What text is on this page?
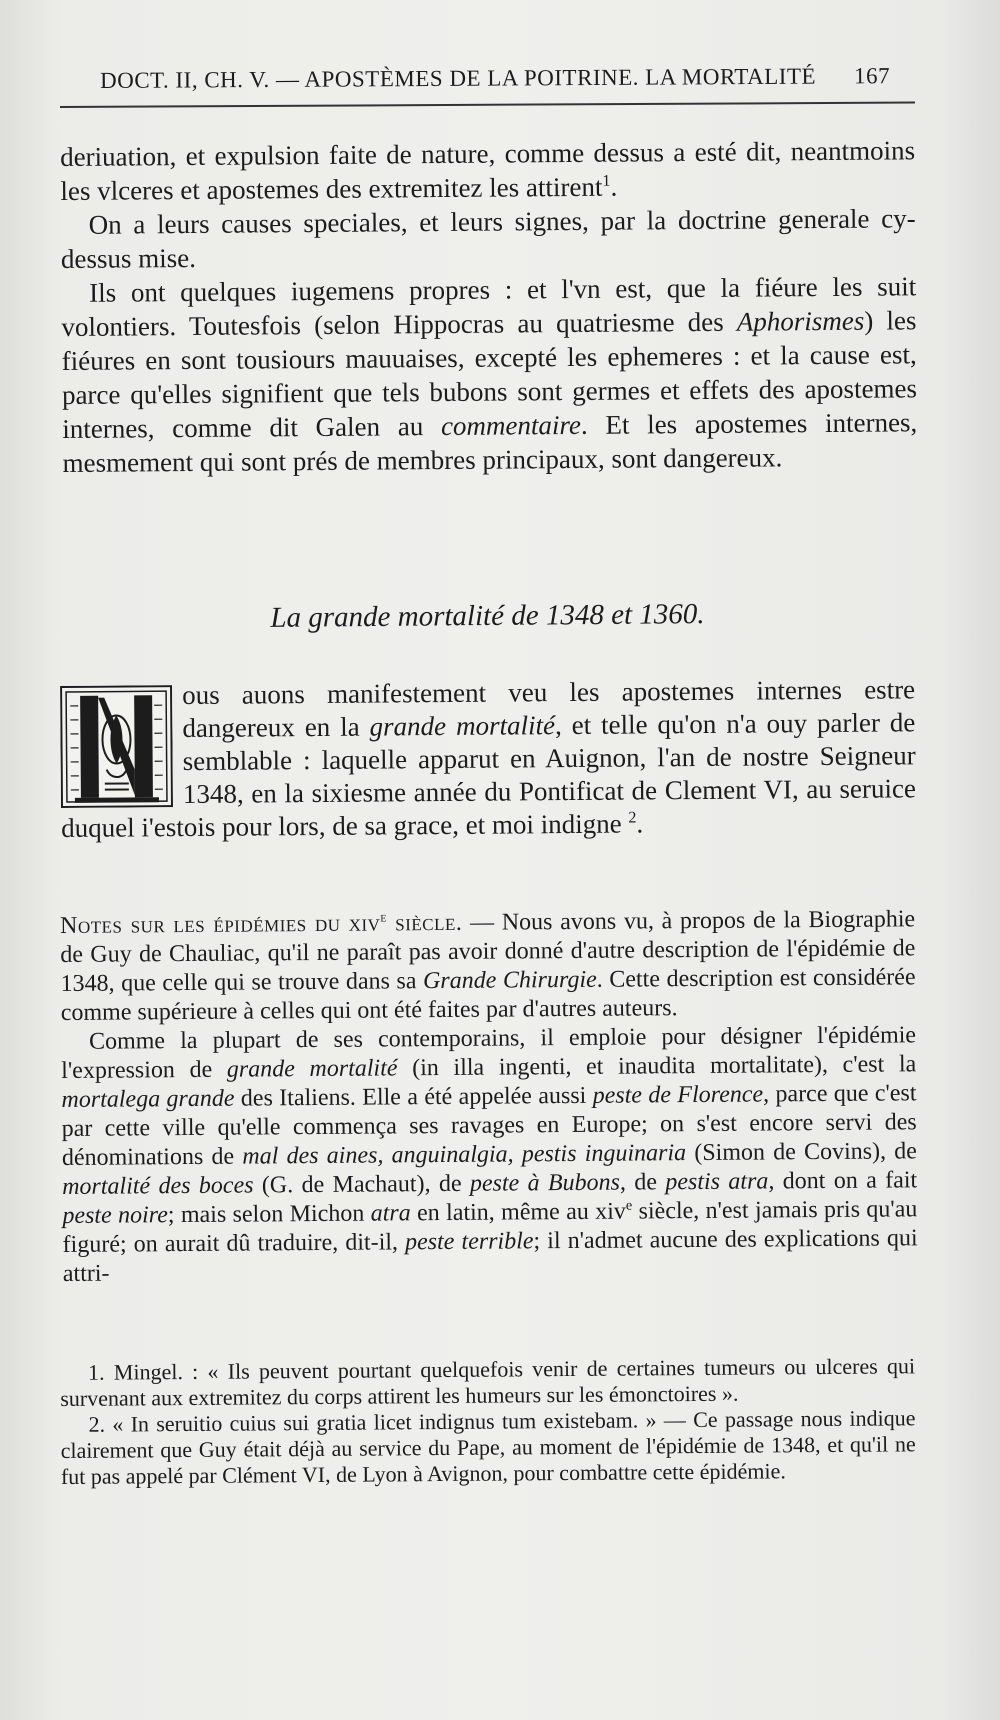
DOCT. II, CH. V. — APOSTÈMES DE LA POITRINE. LA MORTALITÉ 167

deriuation, et expulsion faite de nature, comme dessus a esté dit, neantmoins les vlceres et apostemes des extremitez les attirent$^1$.

On a leurs causes speciales, et leurs signes, par la doctrine generale cy-dessus mise.

Ils ont quelques iugemens propres : et l'vn est, que la fiéure les suit volontiers. Toutesfois (selon Hippocras au quatriesme des Aphorismes) les fiéures en sont tousiours mauuaises, excepté les ephemeres : et la cause est, parce qu'elles signifient que tels bubons sont germes et effets des apostemes internes, comme dit Galen au commentaire. Et les apostemes internes, mesmement qui sont prés de membres principaux, sont dangereux.

La grande mortalité de 1348 et 1360.
ous auons manifestement veu les apostemes internes estre dangereux en la grande mortalité, et telle qu'on n'a ouy parler de semblable : laquelle apparut en Auignon, l'an de nostre Seigneur 1348, en la sixiesme année du Pontificat de Clement VI, au seruice duquel i'estois pour lors, de sa grace, et moi indigne $^2$.

Notes sur les épidémies du xiv$^e$ siècle. — Nous avons vu, à propos de la Biographie de Guy de Chauliac, qu'il ne paraît pas avoir donné d'autre description de l'épidémie de 1348, que celle qui se trouve dans sa Grande Chirurgie. Cette description est considérée comme supérieure à celles qui ont été faites par d'autres auteurs.

Comme la plupart de ses contemporains, il emploie pour désigner l'épidémie l'expression de grande mortalité (in illa ingenti, et inaudita mortalitate), c'est la mortalega grande des Italiens. Elle a été appelée aussi peste de Florence, parce que c'est par cette ville qu'elle commença ses ravages en Europe; on s'est encore servi des dénominations de mal des aines, anguinalgia, pestis inguinaria (Simon de Covins), de mortalité des boces (G. de Machaut), de peste à Bubons, de pestis atra, dont on a fait peste noire; mais selon Michon atra en latin, même au xiv$^e$ siècle, n'est jamais pris qu'au figuré; on aurait dû traduire, dit-il, peste terrible; il n'admet aucune des explications qui attri-

1. Mingel. : « Ils peuvent pourtant quelquefois venir de certaines tumeurs ou ulceres qui survenant aux extremitez du corps attirent les humeurs sur les émonctoires ».

2. « In seruitio cuius sui gratia licet indignus tum existebam. » — Ce passage nous indique clairement que Guy était déjà au service du Pape, au moment de l'épidémie de 1348, et qu'il ne fut pas appelé par Clément VI, de Lyon à Avignon, pour combattre cette épidémie.
